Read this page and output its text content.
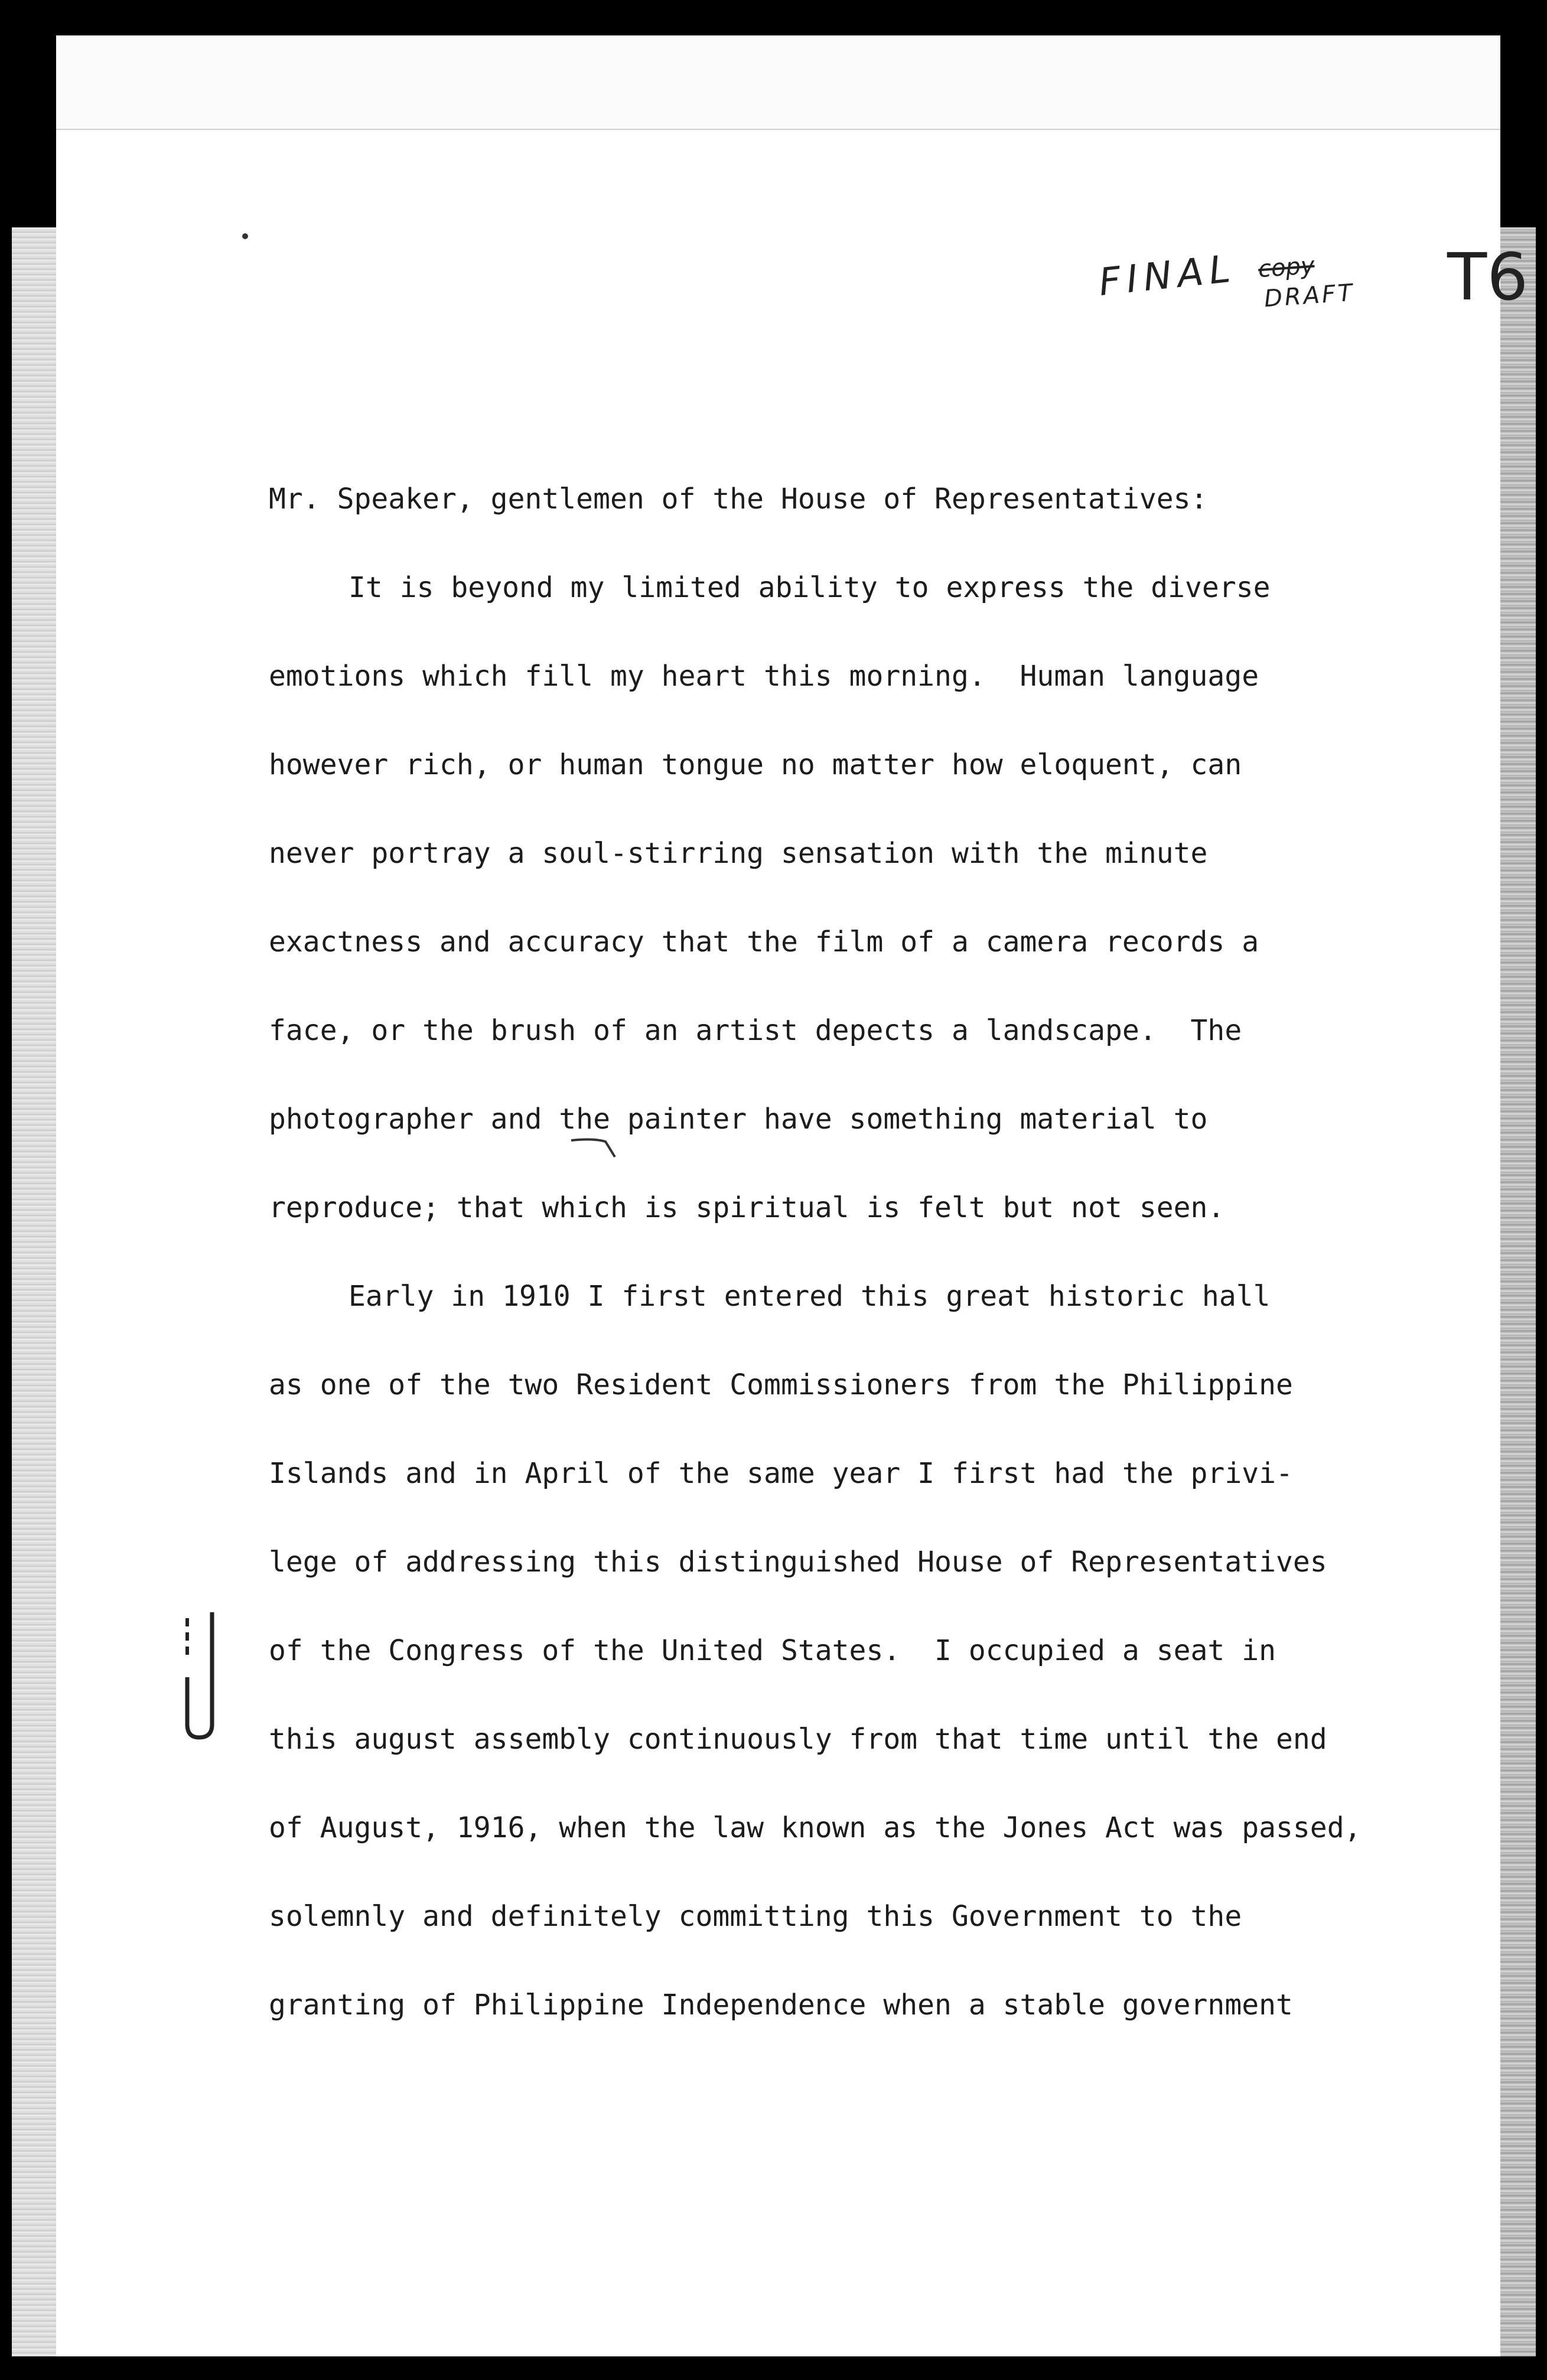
FINAL copy
DRAFT T6
Mr. Speaker, gentlemen of the House of Representatives:
It is beyond my limited ability to express the diverse
emotions which fill my heart this morning.  Human language
however rich, or human tongue no matter how eloquent, can
never portray a soul-stirring sensation with the minute
exactness and accuracy that the film of a camera records a
face, or the brush of an artist depects a landscape.  The
photographer and the painter have something material to
reproduce; that which is spiritual is felt but not seen.
Early in 1910 I first entered this great historic hall
as one of the two Resident Commissioners from the Philippine
Islands and in April of the same year I first had the privi-
lege of addressing this distinguished House of Representatives
of the Congress of the United States.  I occupied a seat in
this august assembly continuously from that time until the end
of August, 1916, when the law known as the Jones Act was passed,
solemnly and definitely committing this Government to the
granting of Philippine Independence when a stable government
